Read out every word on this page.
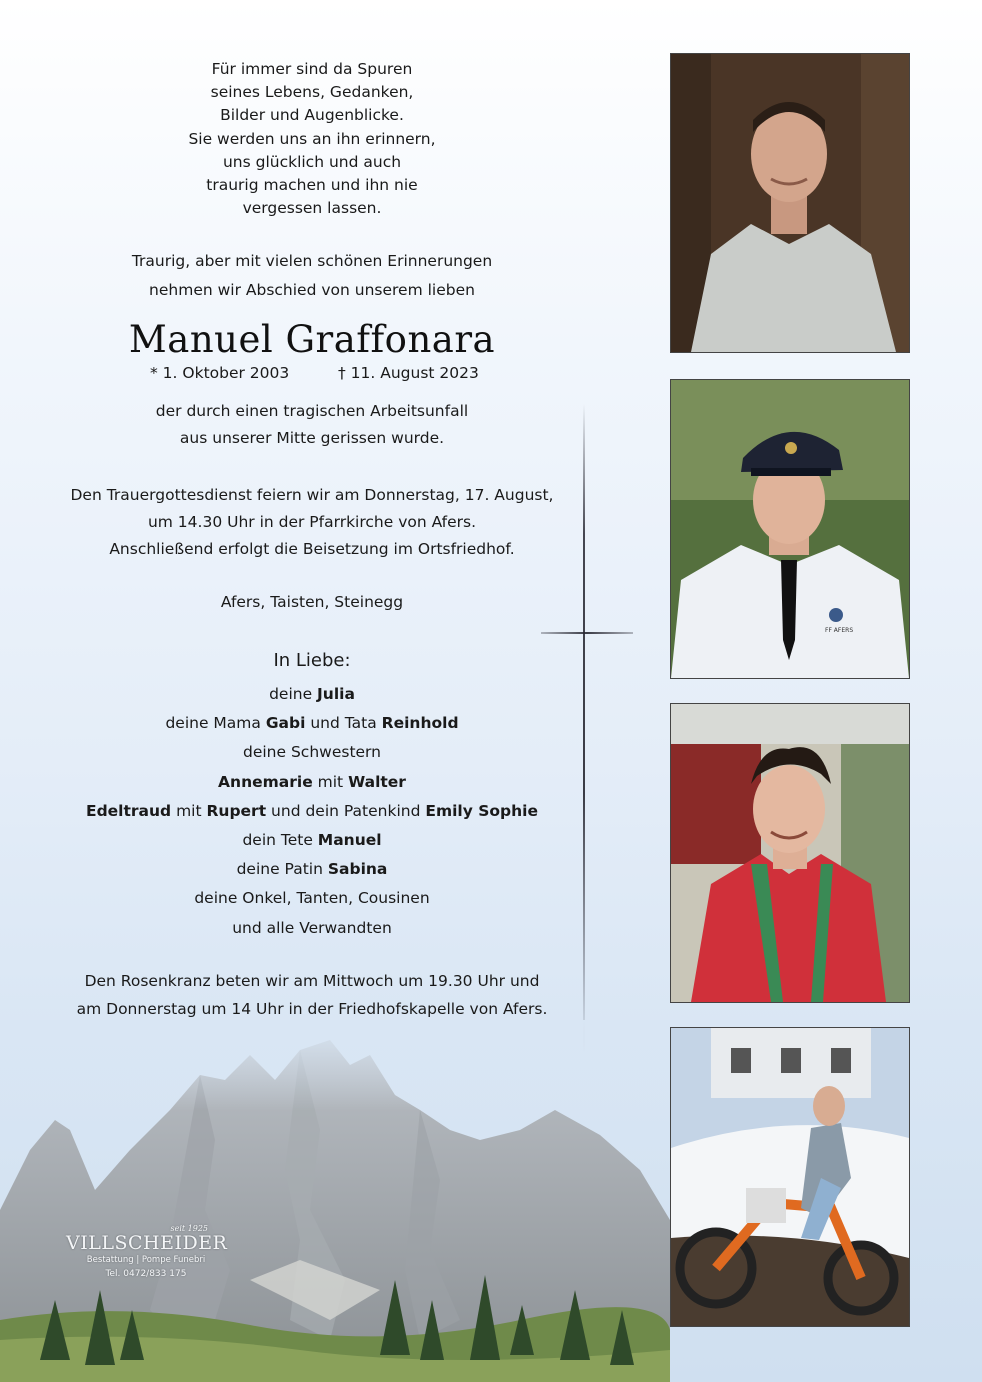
Für immer sind da Spuren
seines Lebens, Gedanken,
Bilder und Augenblicke.
Sie werden uns an ihn erinnern,
uns glücklich und auch
traurig machen und ihn nie
vergessen lassen.
Traurig, aber mit vielen schönen Erinnerungen
nehmen wir Abschied von unserem lieben
Manuel Graffonara
* 1. Oktober 2003	† 11. August 2023
der durch einen tragischen Arbeitsunfall
aus unserer Mitte gerissen wurde.
Den Trauergottesdienst feiern wir am Donnerstag, 17. August,
um 14.30 Uhr in der Pfarrkirche von Afers.
Anschließend erfolgt die Beisetzung im Ortsfriedhof.
Afers, Taisten, Steinegg
In Liebe:
deine Julia
deine Mama Gabi und Tata Reinhold
deine Schwestern
Annemarie mit Walter
Edeltraud mit Rupert und dein Patenkind Emily Sophie
dein Tete Manuel
deine Patin Sabina
deine Onkel, Tanten, Cousinen
und alle Verwandten
Den Rosenkranz beten wir am Mittwoch um 19.30 Uhr und
am Donnerstag um 14 Uhr in der Friedhofskapelle von Afers.
seit 1925
VILLSCHEIDER
Bestattung | Pompe Funebri
Tel. 0472/833 175
FF AFERS
